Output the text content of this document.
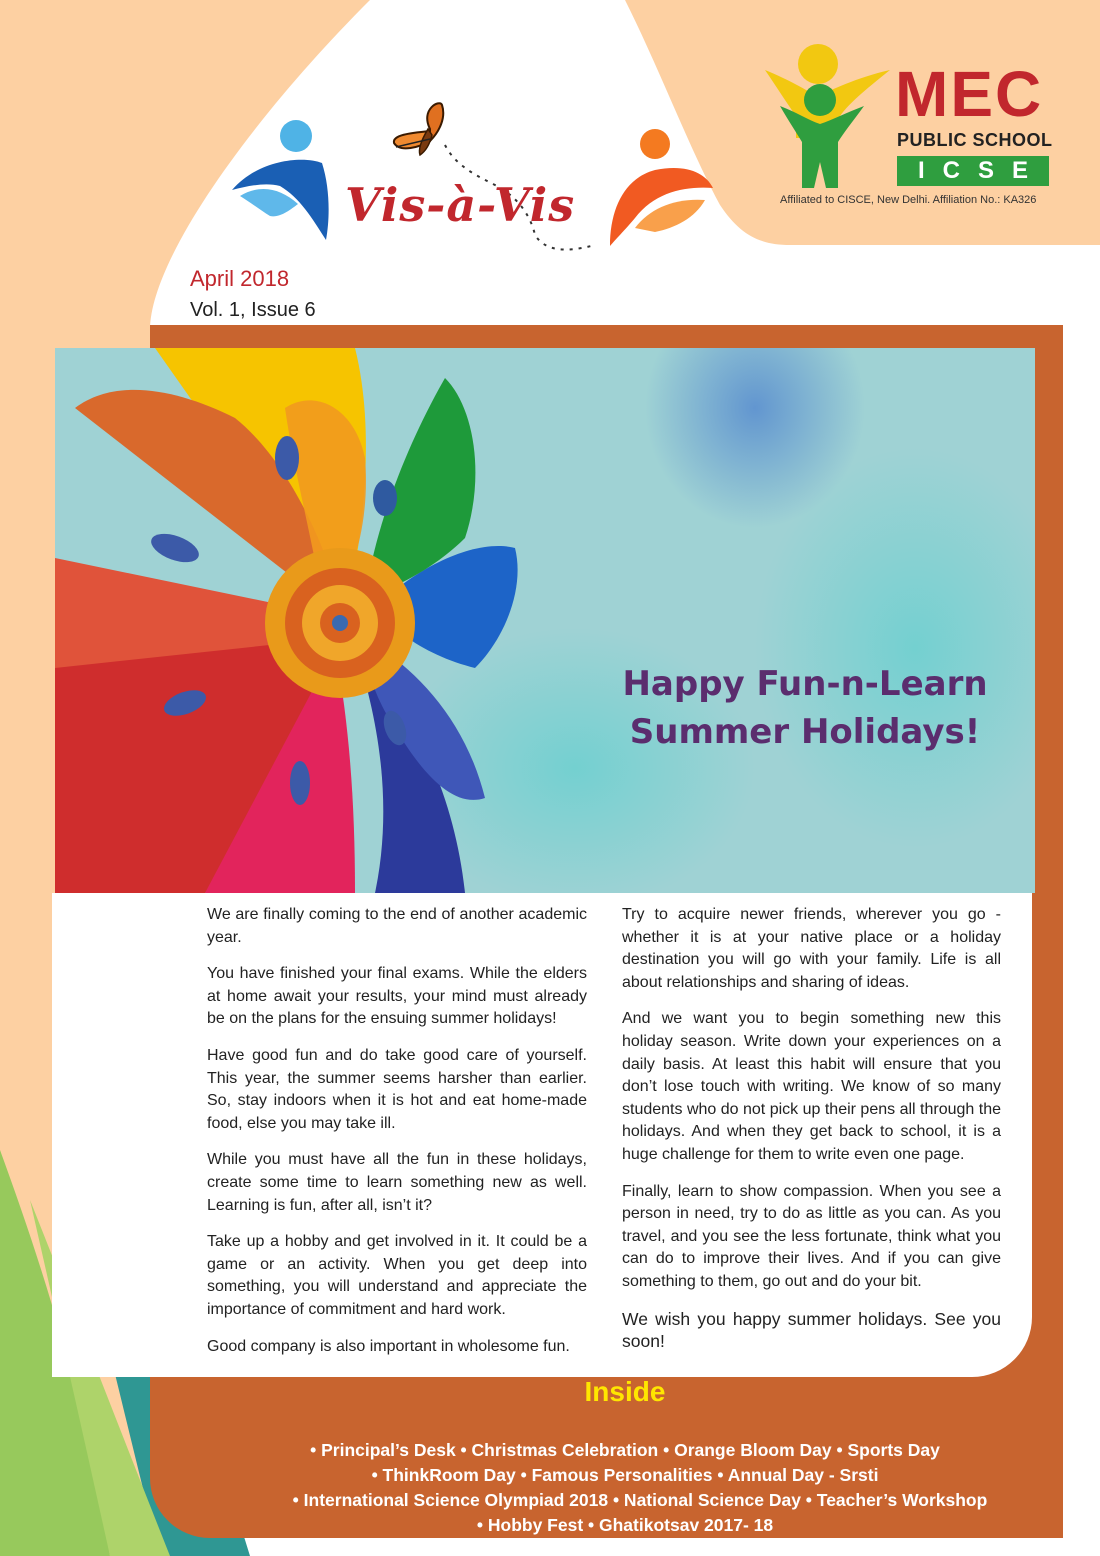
Vis-à-Vis
April 2018
Vol. 1, Issue 6
MEC
PUBLIC SCHOOL
ICSE
Affiliated to CISCE, New Delhi. Affiliation No.: KA326
Happy Fun-n-Learn
Summer Holidays!

We are finally coming to the end of another academic year.

You have finished your final exams. While the elders at home await your results, your mind must already be on the plans for the ensuing summer holidays!

Have good fun and do take good care of yourself. This year, the summer seems harsher than earlier. So, stay indoors when it is hot and eat home-made food, else you may take ill.

While you must have all the fun in these holidays, create some time to learn something new as well. Learning is fun, after all, isn’t it?

Take up a hobby and get involved in it. It could be a game or an activity. When you get deep into something, you will understand and appreciate the importance of commitment and hard work.

Good company is also important in wholesome fun.

Try to acquire newer friends, wherever you go - whether it is at your native place or a holiday destination you will go with your family. Life is all about relationships and sharing of ideas.

And we want you to begin something new this holiday season. Write down your experiences on a daily basis. At least this habit will ensure that you don’t lose touch with writing. We know of so many students who do not pick up their pens all through the holidays. And when they get back to school, it is a huge challenge for them to write even one page.

Finally, learn to show compassion. When you see a person in need, try to do as little as you can. As you travel, and you see the less fortunate, think what you can do to improve their lives. And if you can give something to them, go out and do your bit.

We wish you happy summer holidays. See you soon!

Inside
• Principal’s Desk • Christmas Celebration • Orange Bloom Day • Sports Day
• ThinkRoom Day • Famous Personalities • Annual Day - Srsti
• International Science Olympiad 2018 • National Science Day • Teacher’s Workshop
• Hobby Fest • Ghatikotsav 2017- 18
